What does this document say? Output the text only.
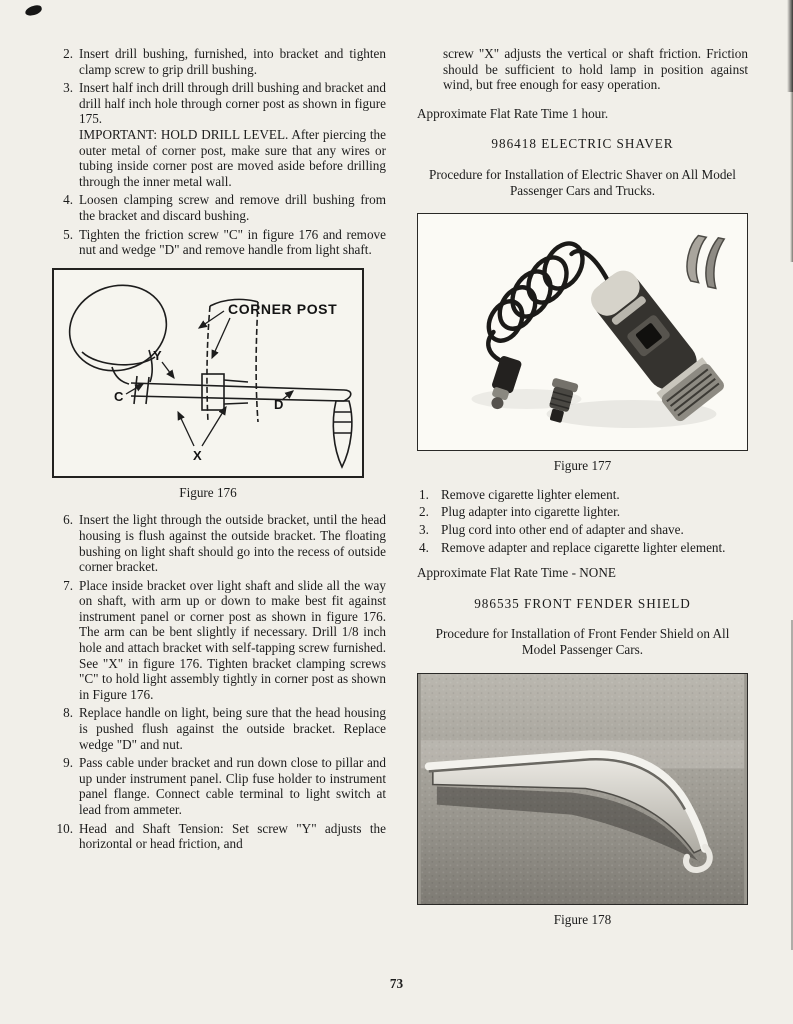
2. Insert drill bushing, furnished, into bracket and tighten clamp screw to grip drill bushing.
3. Insert half inch drill through drill bushing and bracket and drill half inch hole through corner post as shown in figure 175.
IMPORTANT: HOLD DRILL LEVEL. After piercing the outer metal of corner post, make sure that any wires or tubing inside corner post are moved aside before drilling through the inner metal wall.
4. Loosen clamping screw and remove drill bushing from the bracket and discard bushing.
5. Tighten the friction screw "C" in figure 176 and remove nut and wedge "D" and remove handle from light shaft.
CORNER POST
Y
C
D
X
Figure 176
6. Insert the light through the outside bracket, until the head housing is flush against the outside bracket. The floating bushing on light shaft should go into the recess of outside corner bracket.
7. Place inside bracket over light shaft and slide all the way on shaft, with arm up or down to make best fit against instrument panel or corner post as shown in figure 176. The arm can be bent slightly if necessary. Drill 1/8 inch hole and attach bracket with self-tapping screw furnished. See "X" in figure 176. Tighten bracket clamping screws "C" to hold light assembly tightly in corner post as shown in Figure 176.
8. Replace handle on light, being sure that the head housing is pushed flush against the outside bracket. Replace wedge "D" and nut.
9. Pass cable under bracket and run down close to pillar and up under instrument panel. Clip fuse holder to instrument panel flange. Connect cable terminal to light switch at lead from ammeter.
10. Head and Shaft Tension: Set screw "Y" adjusts the horizontal or head friction, and
screw "X" adjusts the vertical or shaft friction. Friction should be sufficient to hold lamp in position against wind, but free enough for easy operation.
Approximate Flat Rate Time 1 hour.
986418 ELECTRIC SHAVER
Procedure for Installation of Electric Shaver on All Model Passenger Cars and Trucks.
Figure 177
1. Remove cigarette lighter element.
2. Plug adapter into cigarette lighter.
3. Plug cord into other end of adapter and shave.
4. Remove adapter and replace cigarette lighter element.
Approximate Flat Rate Time - NONE
986535 FRONT FENDER SHIELD
Procedure for Installation of Front Fender Shield on All Model Passenger Cars.
Figure 178
73
